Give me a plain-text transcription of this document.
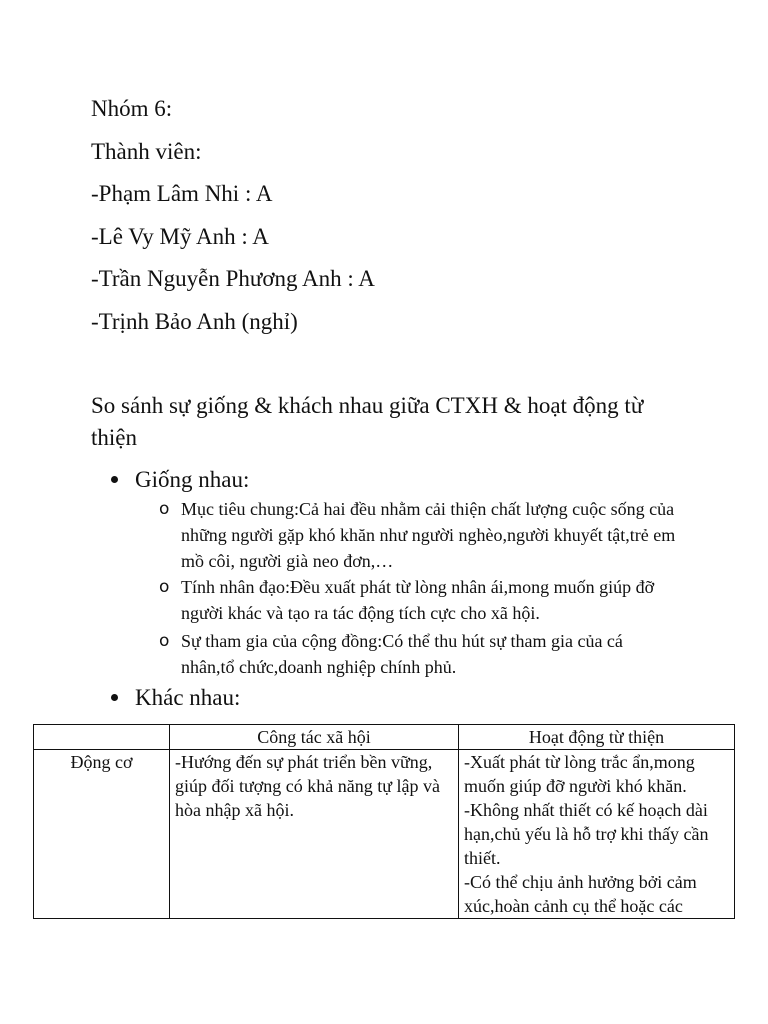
Nhóm 6:
Thành viên:
-Phạm Lâm Nhi : A
-Lê Vy Mỹ Anh : A
-Trần Nguyễn Phương Anh : A
-Trịnh Bảo Anh (nghỉ)
So sánh sự giống & khách nhau giữa CTXH & hoạt động từ thiện
Giống nhau:
o Mục tiêu chung:Cả hai đều nhằm cải thiện chất lượng cuộc sống của những người gặp khó khăn như người nghèo,người khuyết tật,trẻ em mồ côi, người già neo đơn,…
o Tính nhân đạo:Đều xuất phát từ lòng nhân ái,mong muốn giúp đỡ người khác và tạo ra tác động tích cực cho xã hội.
o Sự tham gia của cộng đồng:Có thể thu hút sự tham gia của cá nhân,tổ chức,doanh nghiệp chính phủ.
Khác nhau:
	Công tác xã hội	Hoạt động từ thiện
Động cơ	-Hướng đến sự phát triển bền vững, giúp đối tượng có khả năng tự lập và hòa nhập xã hội.	-Xuất phát từ lòng trắc ẩn,mong muốn giúp đỡ người khó khăn.
-Không nhất thiết có kế hoạch dài hạn,chủ yếu là hỗ trợ khi thấy cần thiết.
-Có thể chịu ảnh hưởng bởi cảm xúc,hoàn cảnh cụ thể hoặc các
